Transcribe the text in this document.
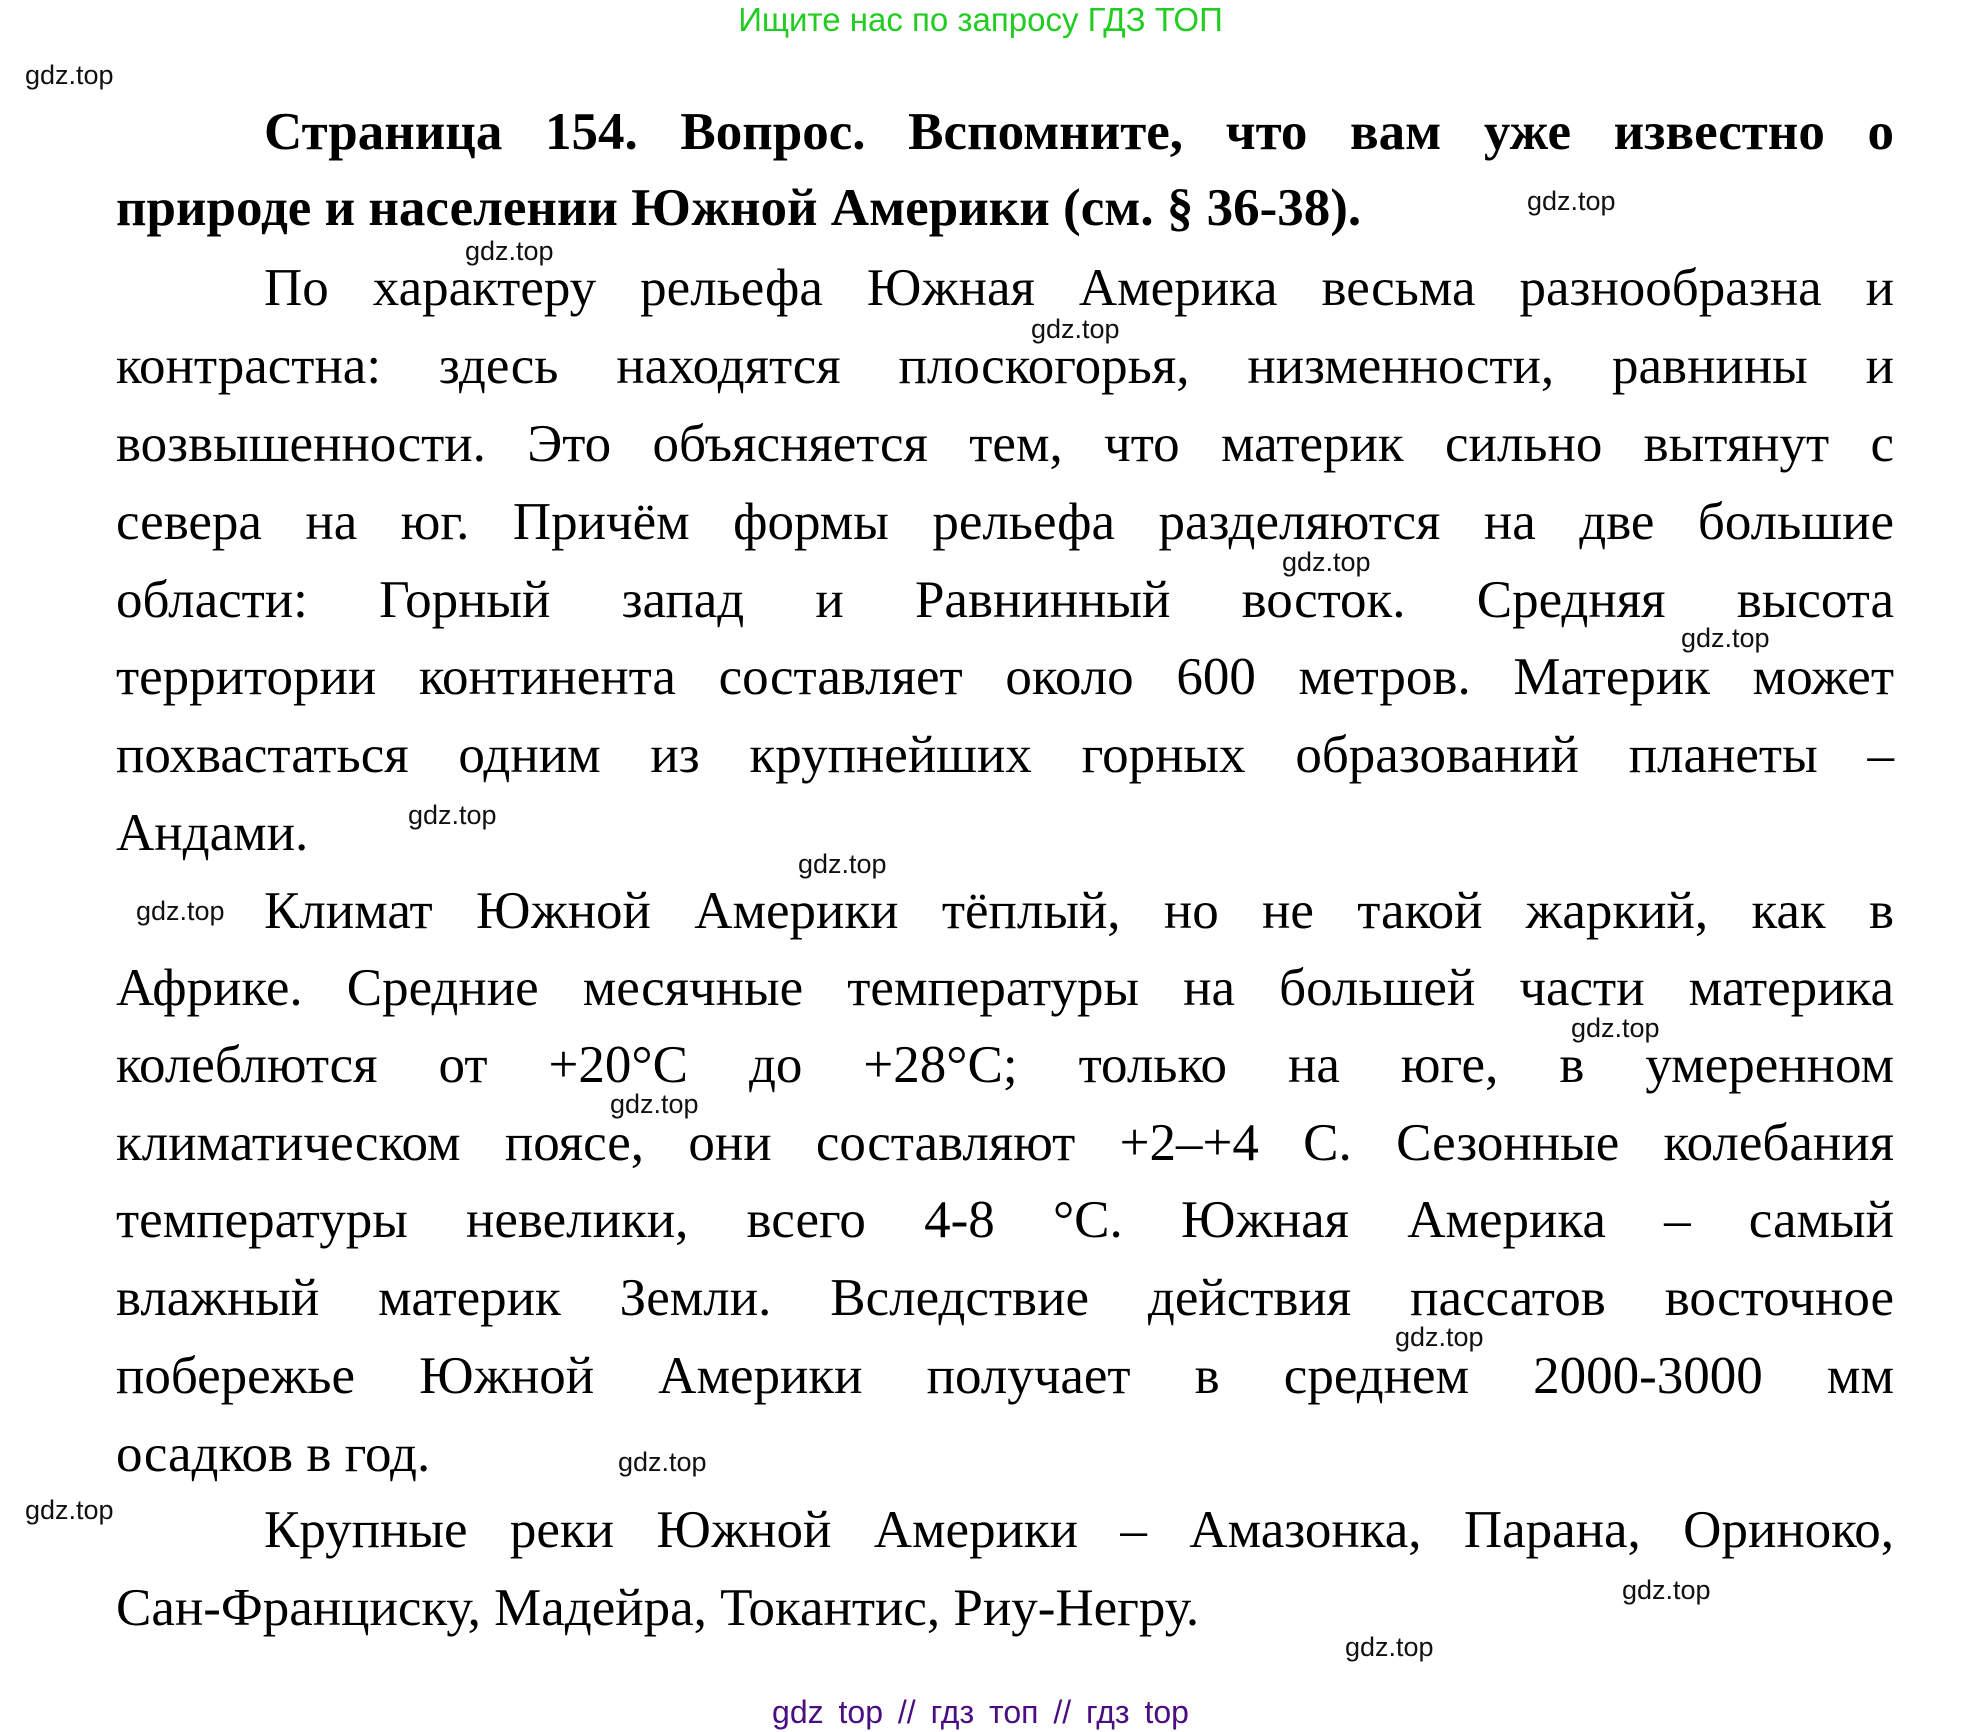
Ищите нас по запросу ГДЗ ТОП
Страница 154. Вопрос. Вспомните, что вам уже известно о
природе и населении Южной Америки (см. § 36-38).
По характеру рельефа Южная Америка весьма разнообразна и
контрастна: здесь находятся плоскогорья, низменности, равнины и
возвышенности. Это объясняется тем, что материк сильно вытянут с
севера на юг. Причём формы рельефа разделяются на две большие
области: Горный запад и Равнинный восток. Средняя высота
территории континента составляет около 600 метров. Материк может
похвастаться одним из крупнейших горных образований планеты –
Андами.
Климат Южной Америки тёплый, но не такой жаркий, как в
Африке. Средние месячные температуры на большей части материка
колеблются от +20°С до +28°С; только на юге, в умеренном
климатическом поясе, они составляют +2–+4 С. Сезонные колебания
температуры невелики, всего 4-8 °С. Южная Америка – самый
влажный материк Земли. Вследствие действия пассатов восточное
побережье Южной Америки получает в среднем 2000-3000 мм
осадков в год.
Крупные реки Южной Америки – Амазонка, Парана, Ориноко,
Сан-Франциску, Мадейра, Токантис, Риу-Негру.
gdz.top
gdz.top
gdz.top
gdz.top
gdz.top
gdz.top
gdz.top
gdz.top
gdz.top
gdz.top
gdz.top
gdz.top
gdz.top
gdz.top
gdz.top
gdz.top
gdz top // гдз топ // гдз top
